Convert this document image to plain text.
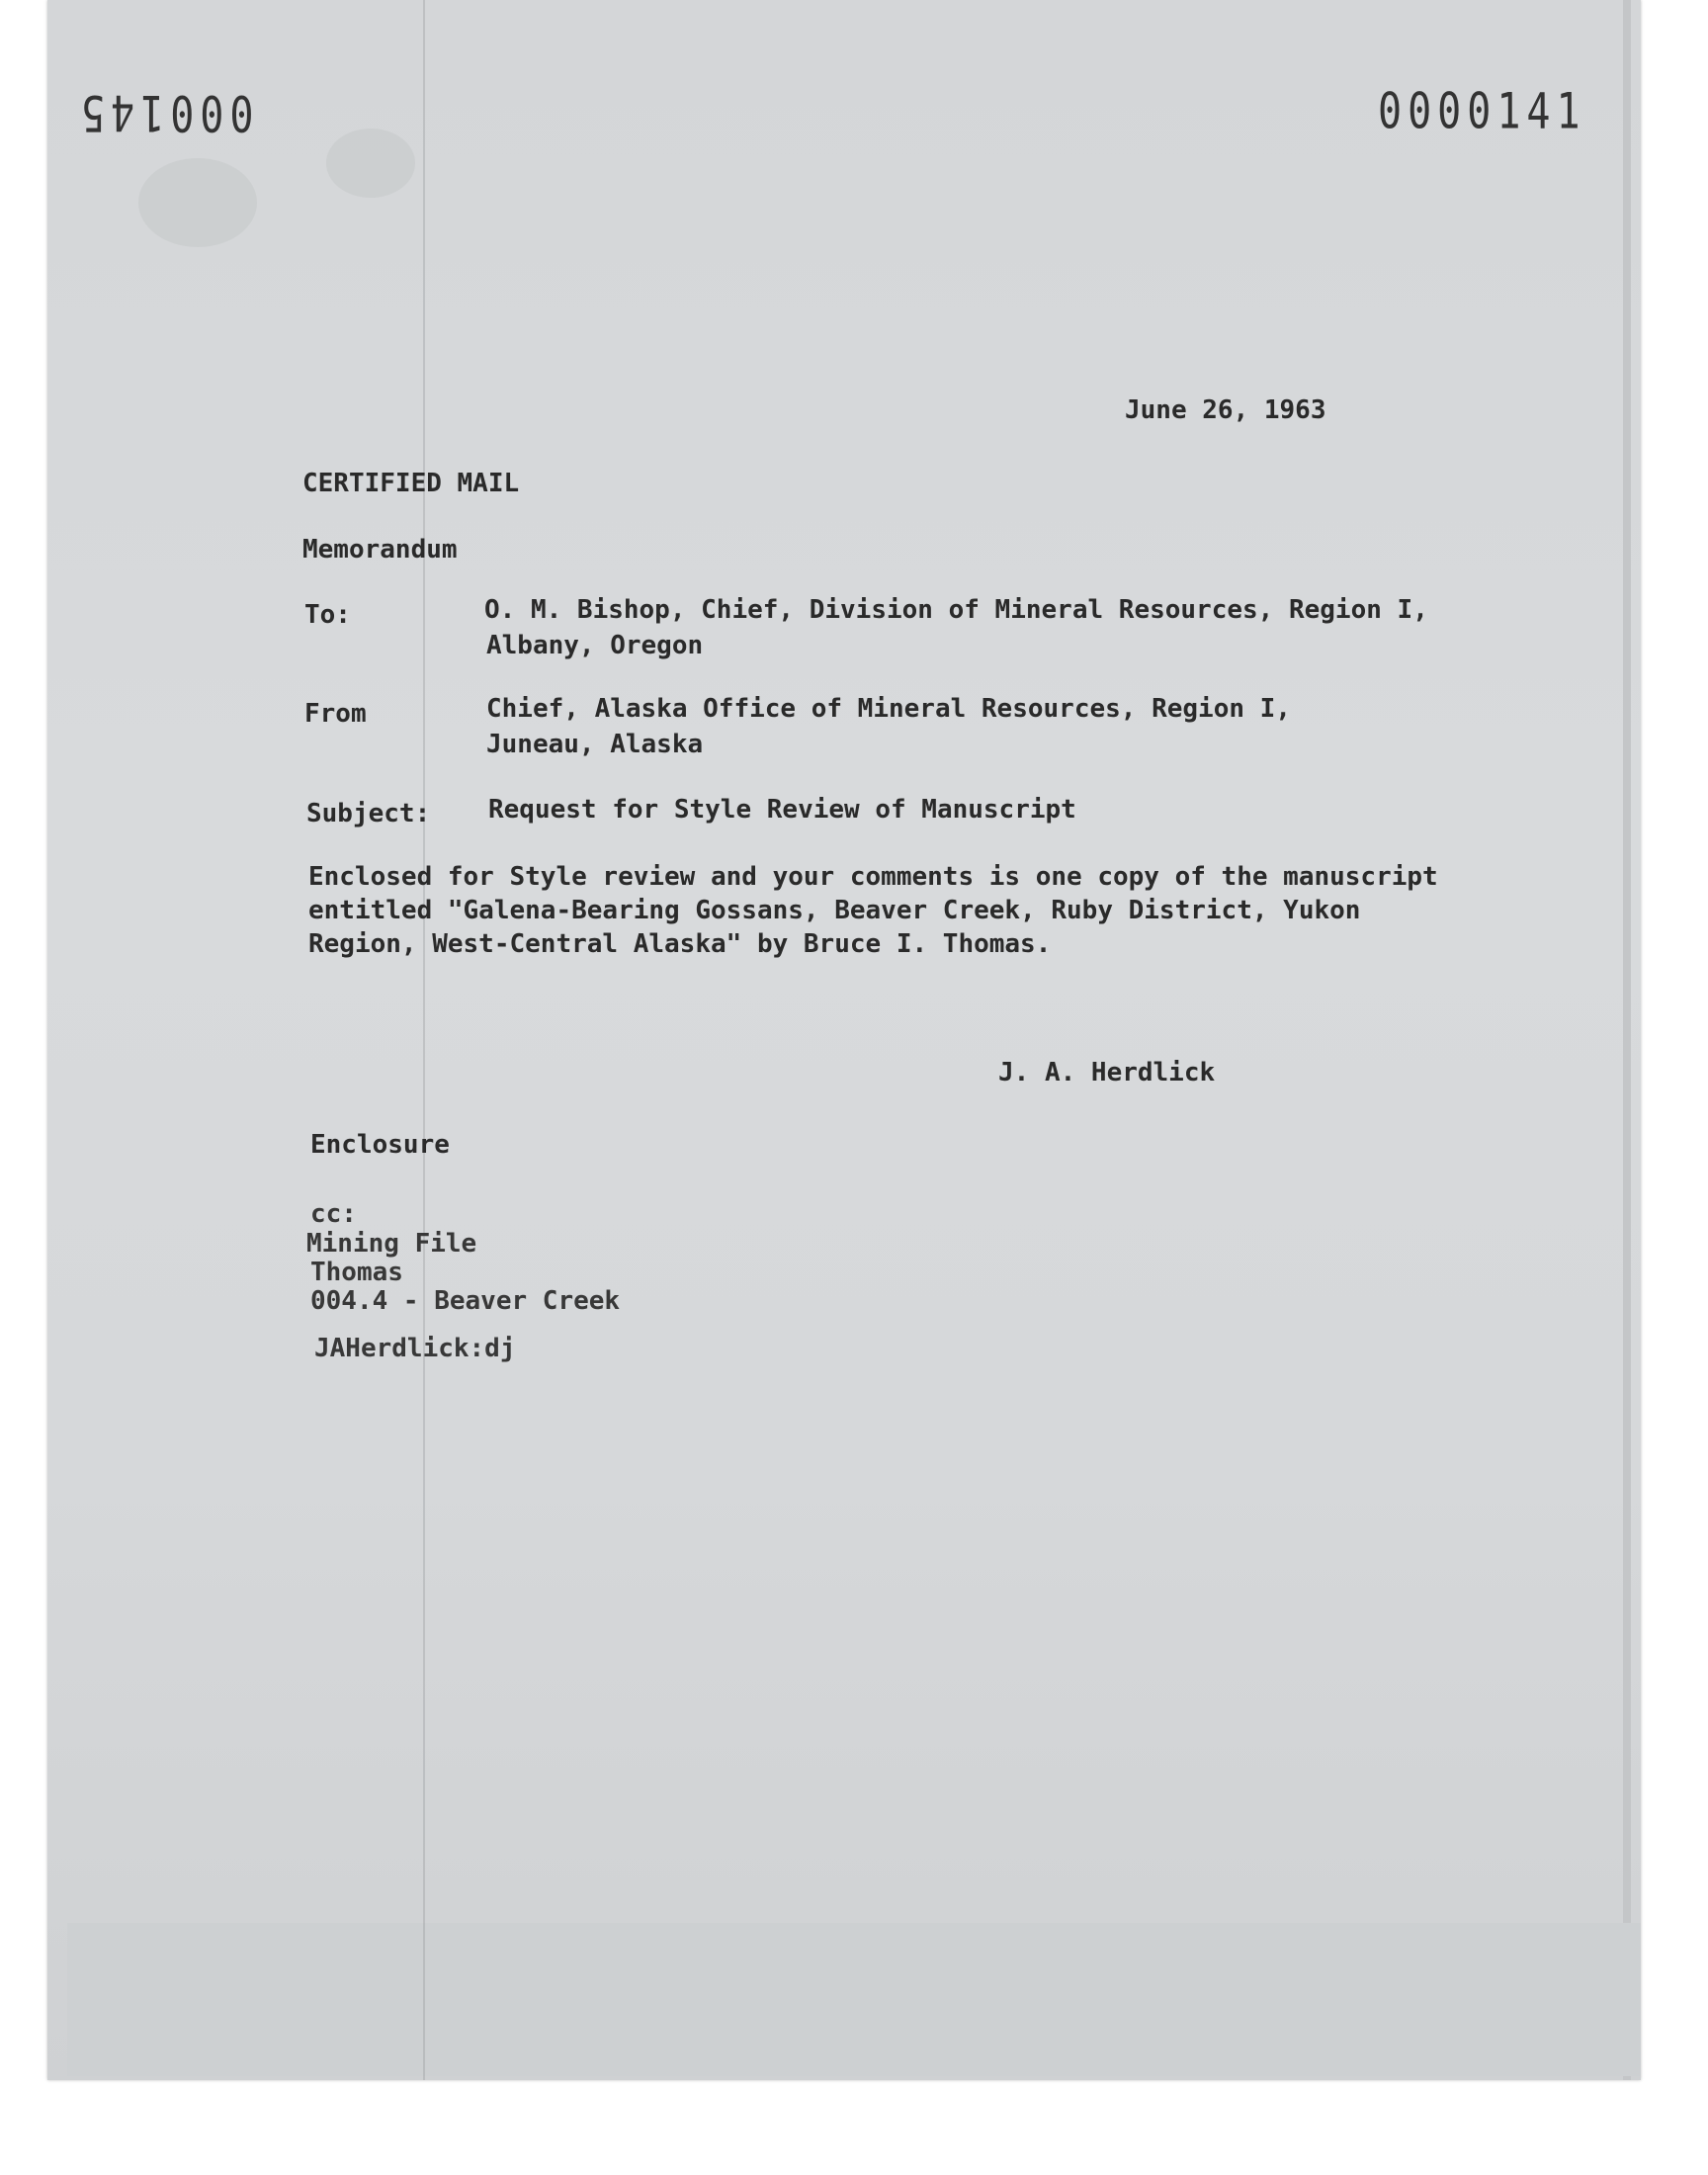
000145	0000141
June 26, 1963
CERTIFIED MAIL
Memorandum
To:	O. M. Bishop, Chief, Division of Mineral Resources, Region I,
Albany, Oregon
From	Chief, Alaska Office of Mineral Resources, Region I,
Juneau, Alaska
Subject: Request for Style Review of Manuscript
Enclosed for Style review and your comments is one copy of the manuscript
entitled "Galena-Bearing Gossans, Beaver Creek, Ruby District, Yukon
Region, West-Central Alaska" by Bruce I. Thomas.
J. A. Herdlick
Enclosure
cc:
Mining File
Thomas
004.4 - Beaver Creek
JAHerdlick:dj
